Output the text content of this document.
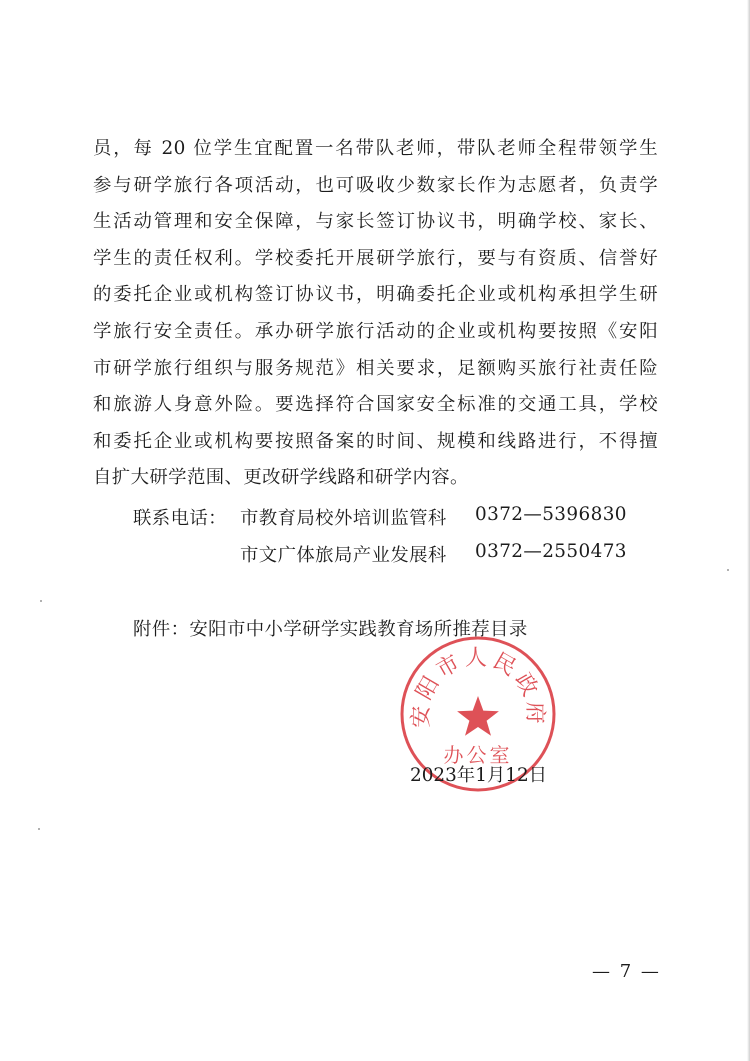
员，每 20 位学生宜配置一名带队老师，带队老师全程带领学生
参与研学旅行各项活动，也可吸收少数家长作为志愿者，负责学
生活动管理和安全保障，与家长签订协议书，明确学校、家长、
学生的责任权利。学校委托开展研学旅行，要与有资质、信誉好
的委托企业或机构签订协议书，明确委托企业或机构承担学生研
学旅行安全责任。承办研学旅行活动的企业或机构要按照《安阳
市研学旅行组织与服务规范》相关要求，足额购买旅行社责任险
和旅游人身意外险。要选择符合国家安全标准的交通工具，学校
和委托企业或机构要按照备案的时间、规模和线路进行，不得擅
自扩大研学范围、更改研学线路和研学内容。
联系电话： 市教育局校外培训监管科 0372—5396830
市文广体旅局产业发展科 0372—2550473
附件：安阳市中小学研学实践教育场所推荐目录
安阳市人民政府
办公室
2023年1月12日
— 7 —
